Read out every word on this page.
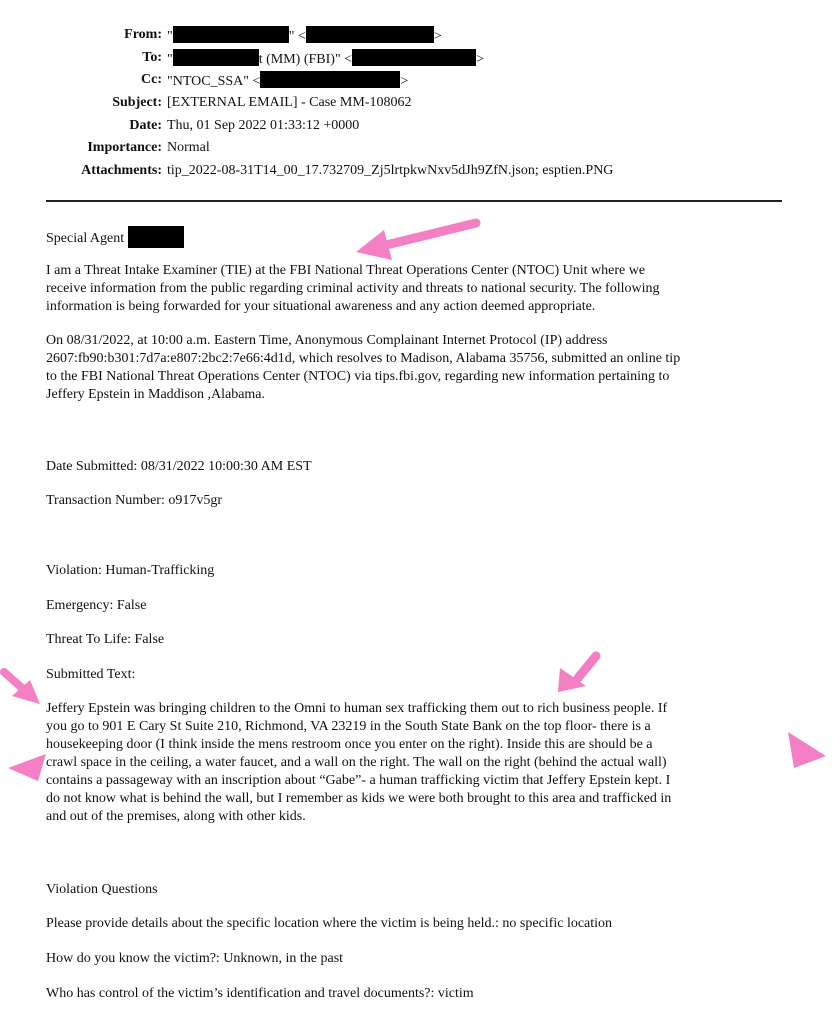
From: "	" <	>
To: "	t (MM) (FBI)" <	>
Cc: "NTOC_SSA" <	>
Subject: [EXTERNAL EMAIL] - Case MM-108062
Date: Thu, 01 Sep 2022 01:33:12 +0000
Importance: Normal
Attachments: tip_2022-08-31T14_00_17.732709_Zj5lrtpkwNxv5dJh9ZfN.json; esptien.PNG
Special Agent
I am a Threat Intake Examiner (TIE) at the FBI National Threat Operations Center (NTOC) Unit where we
receive information from the public regarding criminal activity and threats to national security. The following
information is being forwarded for your situational awareness and any action deemed appropriate.
On 08/31/2022, at 10:00 a.m. Eastern Time, Anonymous Complainant Internet Protocol (IP) address
2607:fb90:b301:7d7a:e807:2bc2:7e66:4d1d, which resolves to Madison, Alabama 35756, submitted an online tip
to the FBI National Threat Operations Center (NTOC) via tips.fbi.gov, regarding new information pertaining to
Jeffery Epstein in Maddison ,Alabama.
Date Submitted: 08/31/2022 10:00:30 AM EST
Transaction Number: o917v5gr
Violation: Human-Trafficking
Emergency: False
Threat To Life: False
Submitted Text:
Jeffery Epstein was bringing children to the Omni to human sex trafficking them out to rich business people. If
you go to 901 E Cary St Suite 210, Richmond, VA 23219 in the South State Bank on the top floor- there is a
housekeeping door (I think inside the mens restroom once you enter on the right). Inside this are should be a
crawl space in the ceiling, a water faucet, and a wall on the right. The wall on the right (behind the actual wall)
contains a passageway with an inscription about “Gabe”- a human trafficking victim that Jeffery Epstein kept. I
do not know what is behind the wall, but I remember as kids we were both brought to this area and trafficked in
and out of the premises, along with other kids.
Violation Questions
Please provide details about the specific location where the victim is being held.: no specific location
How do you know the victim?: Unknown, in the past
Who has control of the victim’s identification and travel documents?: victim
